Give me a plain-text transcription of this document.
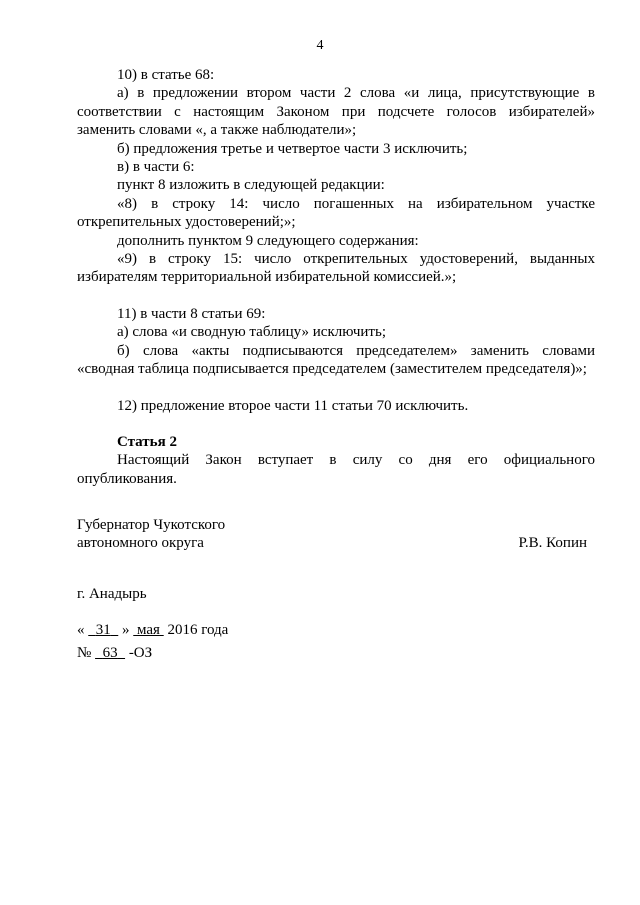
4

10) в статье 68:

а) в предложении втором части 2 слова «и лица, присутствующие в соответствии с настоящим Законом при подсчете голосов избирателей» заменить словами «, а также наблюдатели»;

б) предложения третье и четвертое части 3 исключить;

в) в части 6:

пункт 8 изложить в следующей редакции:

«8) в строку 14: число погашенных на избирательном участке открепительных удостоверений;»;

дополнить пунктом 9 следующего содержания:

«9) в строку 15: число открепительных удостоверений, выданных избирателям территориальной избирательной комиссией.»;

11) в части 8 статьи 69:

а) слова «и сводную таблицу» исключить;

б) слова «акты подписываются председателем» заменить словами «сводная таблица подписывается председателем (заместителем председателя)»;

12) предложение второе части 11 статьи 70 исключить.

Статья 2

Настоящий Закон вступает в силу со дня его официального опубликования.

Губернатор Чукотского
автономного округа	Р.В. Копин
г. Анадырь
« 31 » мая 2016 года
№ 63 -ОЗ
